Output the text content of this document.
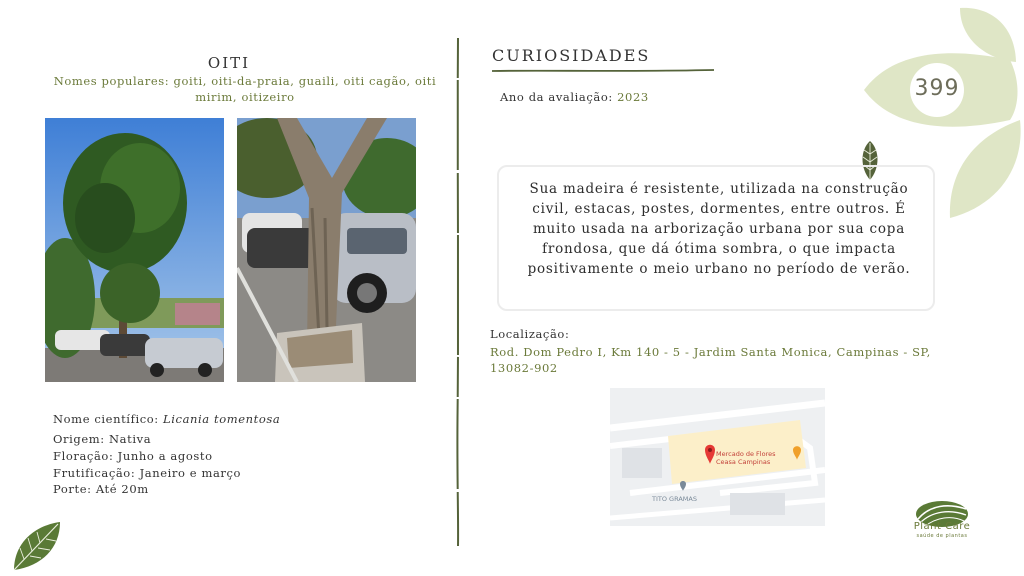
OITI
Nomes populares: goiti, oiti-da-praia, guaili, oiti cagão, oiti mirim, oitizeiro
Nome científico: Licania tomentosa
Origem: Nativa
Floração: Junho a agosto
Frutificação: Janeiro e março
Porte: Até 20m
CURIOSIDADES
Ano da avaliação: 2023	399
Sua madeira é resistente, utilizada na construção civil, estacas, postes, dormentes, entre outros. É muito usada na arborização urbana por sua copa frondosa, que dá ótima sombra, o que impacta positivamente o meio urbano no período de verão.
Localização:
Rod. Dom Pedro I, Km 140 - 5 - Jardim Santa Monica, Campinas - SP, 13082-902
Mercado de Flores
Ceasa Campinas
TITO GRAMAS
Plant Care
saúde de plantas
